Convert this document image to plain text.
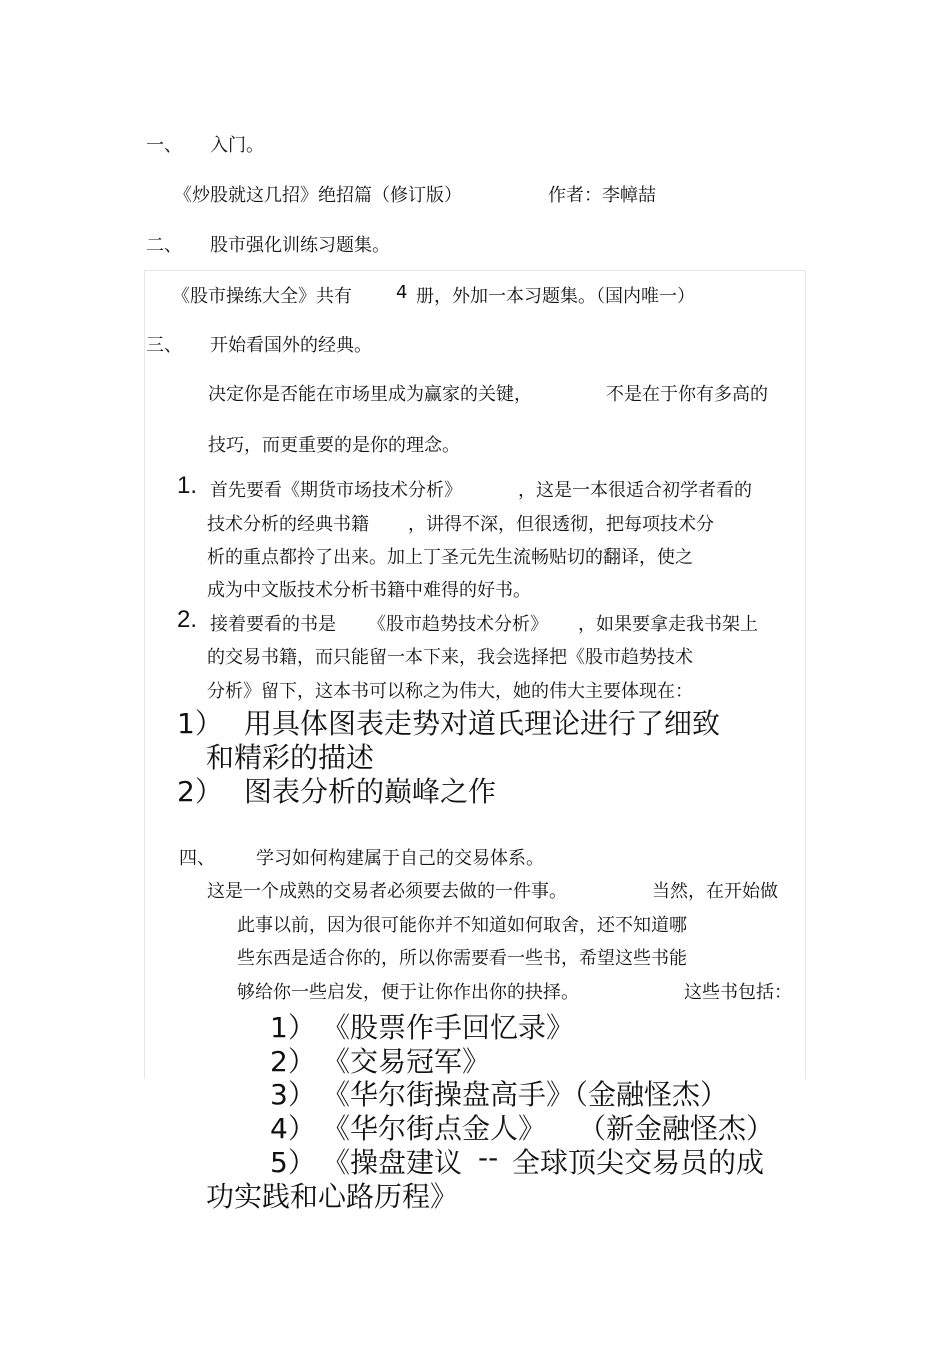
一、 入门。
《炒股就这几招》绝招篇（修订版）	作者：李幛喆
二、 股市强化训练习题集。
《股市操练大全》共有 4 册，外加一本习题集。（国内唯一）
三、 开始看国外的经典。
决定你是否能在市场里成为赢家的关键，	不是在于你有多高的
技巧，而更重要的是你的理念。
1. 首先要看《期货市场技术分析》	，这是一本很适合初学者看的
技术分析的经典书籍 ，讲得不深，但很透彻，把每项技术分
析的重点都拎了出来。加上丁圣元先生流畅贴切的翻译，使之
成为中文版技术分析书籍中难得的好书。
2. 接着要看的书是 《股市趋势技术分析》 ，如果要拿走我书架上
的交易书籍，而只能留一本下来，我会选择把《股市趋势技术
分析》留下，这本书可以称之为伟大，她的伟大主要体现在：
1） 用具体图表走势对道氏理论进行了细致
和精彩的描述
2） 图表分析的巅峰之作
四、 学习如何构建属于自己的交易体系。
这是一个成熟的交易者必须要去做的一件事。	当然，在开始做
此事以前，因为很可能你并不知道如何取舍，还不知道哪
些东西是适合你的，所以你需要看一些书，希望这些书能
够给你一些启发，便于让你作出你的抉择。	这些书包括：
1） 《股票作手回忆录》
2） 《交易冠军》
3） 《华尔街操盘高手》（金融怪杰）
4） 《华尔街点金人》 （新金融怪杰）
5） 《操盘建议 -- 全球顶尖交易员的成
功实践和心路历程》
